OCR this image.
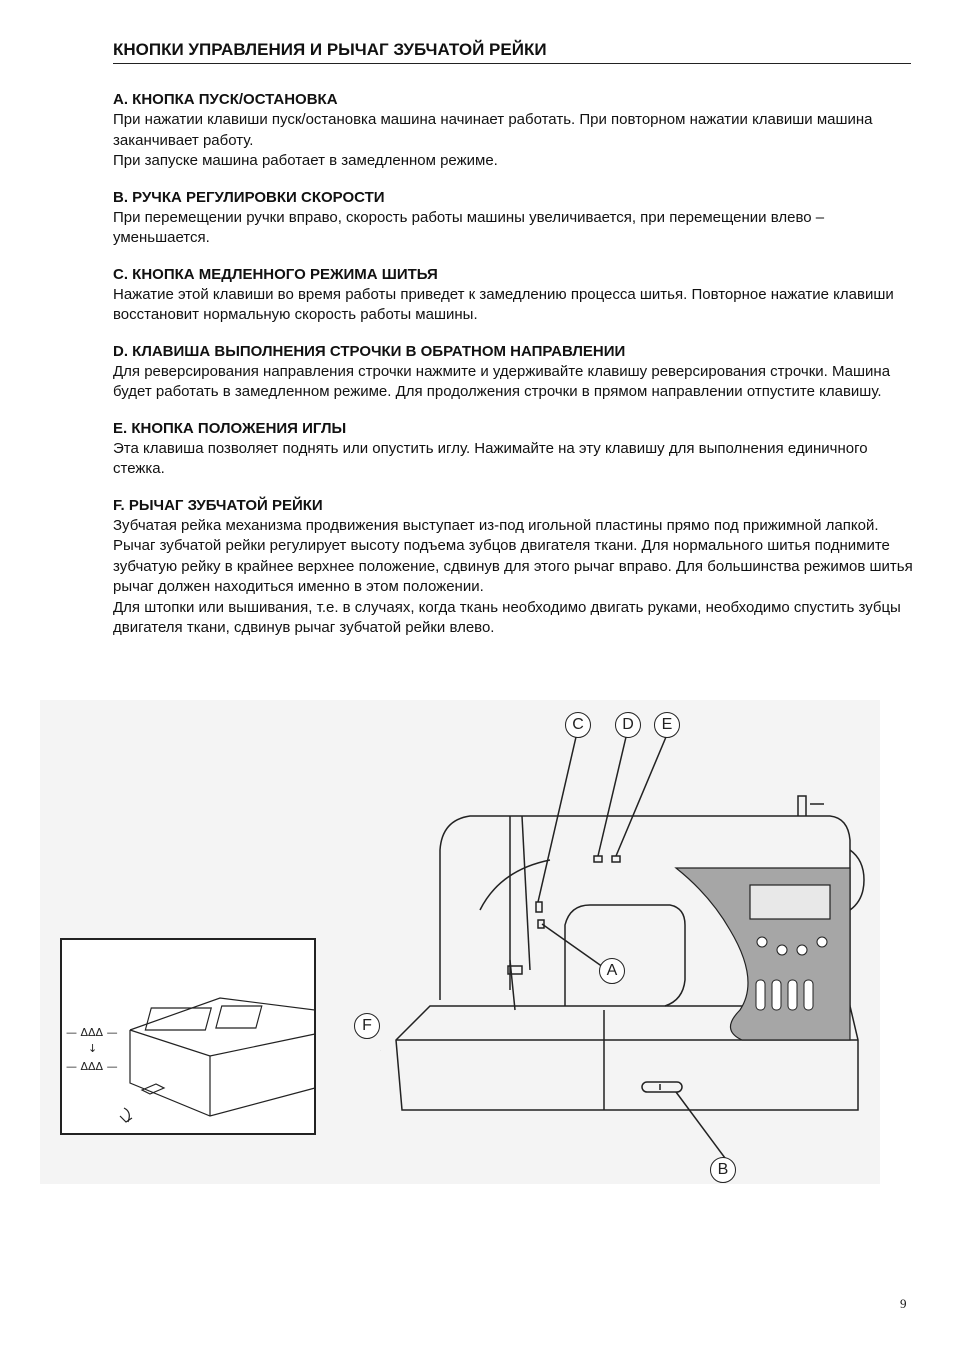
КНОПКИ УПРАВЛЕНИЯ И РЫЧАГ ЗУБЧАТОЙ РЕЙКИ
A. КНОПКА ПУСК/ОСТАНОВКА

При нажатии клавиши пуск/остановка машина начинает работать. При повторном нажатии клавиши машина заканчивает работу.

При запуске машина работает в замедленном режиме.

B. РУЧКА РЕГУЛИРОВКИ СКОРОСТИ

При перемещении ручки вправо, скорость работы машины увеличивается, при перемещении влево – уменьшается.

C. КНОПКА МЕДЛЕННОГО РЕЖИМА ШИТЬЯ

Нажатие этой клавиши во время работы приведет к замедлению процесса шитья. Повторное нажатие клавиши восстановит нормальную скорость работы машины.

D. КЛАВИША ВЫПОЛНЕНИЯ СТРОЧКИ В ОБРАТНОМ НАПРАВЛЕНИИ

Для реверсирования направления строчки нажмите и удерживайте клавишу реверсирования строчки. Машина будет работать в замедленном режиме. Для продолжения строчки в прямом направлении отпустите клавишу.

E. КНОПКА ПОЛОЖЕНИЯ ИГЛЫ

Эта клавиша позволяет поднять или опустить иглу. Нажимайте на эту клавишу для выполнения единичного стежка.

F. РЫЧАГ ЗУБЧАТОЙ РЕЙКИ

Зубчатая рейка механизма продвижения выступает из-под игольной пластины прямо под прижимной лапкой. Рычаг зубчатой рейки регулирует высоту подъема зубцов двигателя ткани. Для нормального шитья поднимите зубчатую рейку в крайнее верхнее положение, сдвинув для этого рычаг вправо. Для большинства режимов шитья рычаг должен находиться именно в этом положении.

Для штопки или вышивания, т.е. в случаях, когда ткань необходимо двигать руками, необходимо спустить зубцы двигателя ткани, сдвинув рычаг зубчатой рейки влево.

— ΔΔΔ —
↓
— ΔΔΔ —
C	D	E
A
F
B
9
